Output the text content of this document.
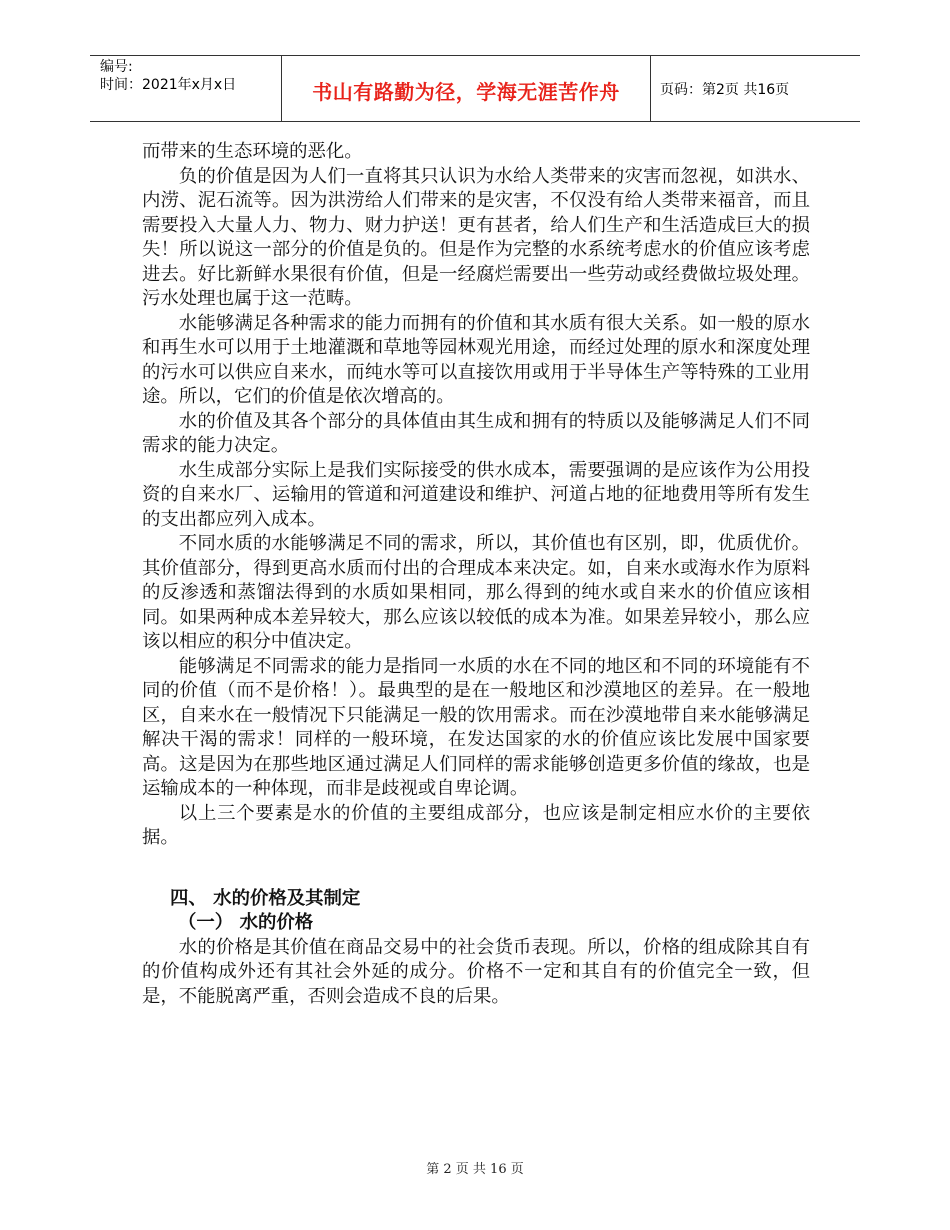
编号:
时间：2021年x月x日	书山有路勤为径，学海无涯苦作舟	页码：第2页 共16页

而带来的生态环境的恶化。

负的价值是因为人们一直将其只认识为水给人类带来的灾害而忽视，如洪水、内涝、泥石流等。因为洪涝给人们带来的是灾害，不仅没有给人类带来福音，而且需要投入大量人力、物力、财力护送！更有甚者，给人们生产和生活造成巨大的损失！所以说这一部分的价值是负的。但是作为完整的水系统考虑水的价值应该考虑进去。好比新鲜水果很有价值，但是一经腐烂需要出一些劳动或经费做垃圾处理。污水处理也属于这一范畴。

水能够满足各种需求的能力而拥有的价值和其水质有很大关系。如一般的原水和再生水可以用于土地灌溉和草地等园林观光用途，而经过处理的原水和深度处理的污水可以供应自来水，而纯水等可以直接饮用或用于半导体生产等特殊的工业用途。所以，它们的价值是依次增高的。

水的价值及其各个部分的具体值由其生成和拥有的特质以及能够满足人们不同需求的能力决定。

水生成部分实际上是我们实际接受的供水成本，需要强调的是应该作为公用投资的自来水厂、运输用的管道和河道建设和维护、河道占地的征地费用等所有发生的支出都应列入成本。

不同水质的水能够满足不同的需求，所以，其价值也有区别，即，优质优价。其价值部分，得到更高水质而付出的合理成本来决定。如，自来水或海水作为原料的反渗透和蒸馏法得到的水质如果相同，那么得到的纯水或自来水的价值应该相同。如果两种成本差异较大，那么应该以较低的成本为准。如果差异较小，那么应该以相应的积分中值决定。

能够满足不同需求的能力是指同一水质的水在不同的地区和不同的环境能有不同的价值（而不是价格！）。最典型的是在一般地区和沙漠地区的差异。在一般地区，自来水在一般情况下只能满足一般的饮用需求。而在沙漠地带自来水能够满足解决干渴的需求！同样的一般环境，在发达国家的水的价值应该比发展中国家要高。这是因为在那些地区通过满足人们同样的需求能够创造更多价值的缘故，也是运输成本的一种体现，而非是歧视或自卑论调。

以上三个要素是水的价值的主要组成部分，也应该是制定相应水价的主要依据。

四、 水的价格及其制定

（一） 水的价格

水的价格是其价值在商品交易中的社会货币表现。所以，价格的组成除其自有的价值构成外还有其社会外延的成分。价格不一定和其自有的价值完全一致，但是，不能脱离严重，否则会造成不良的后果。

第 2 页 共 16 页
